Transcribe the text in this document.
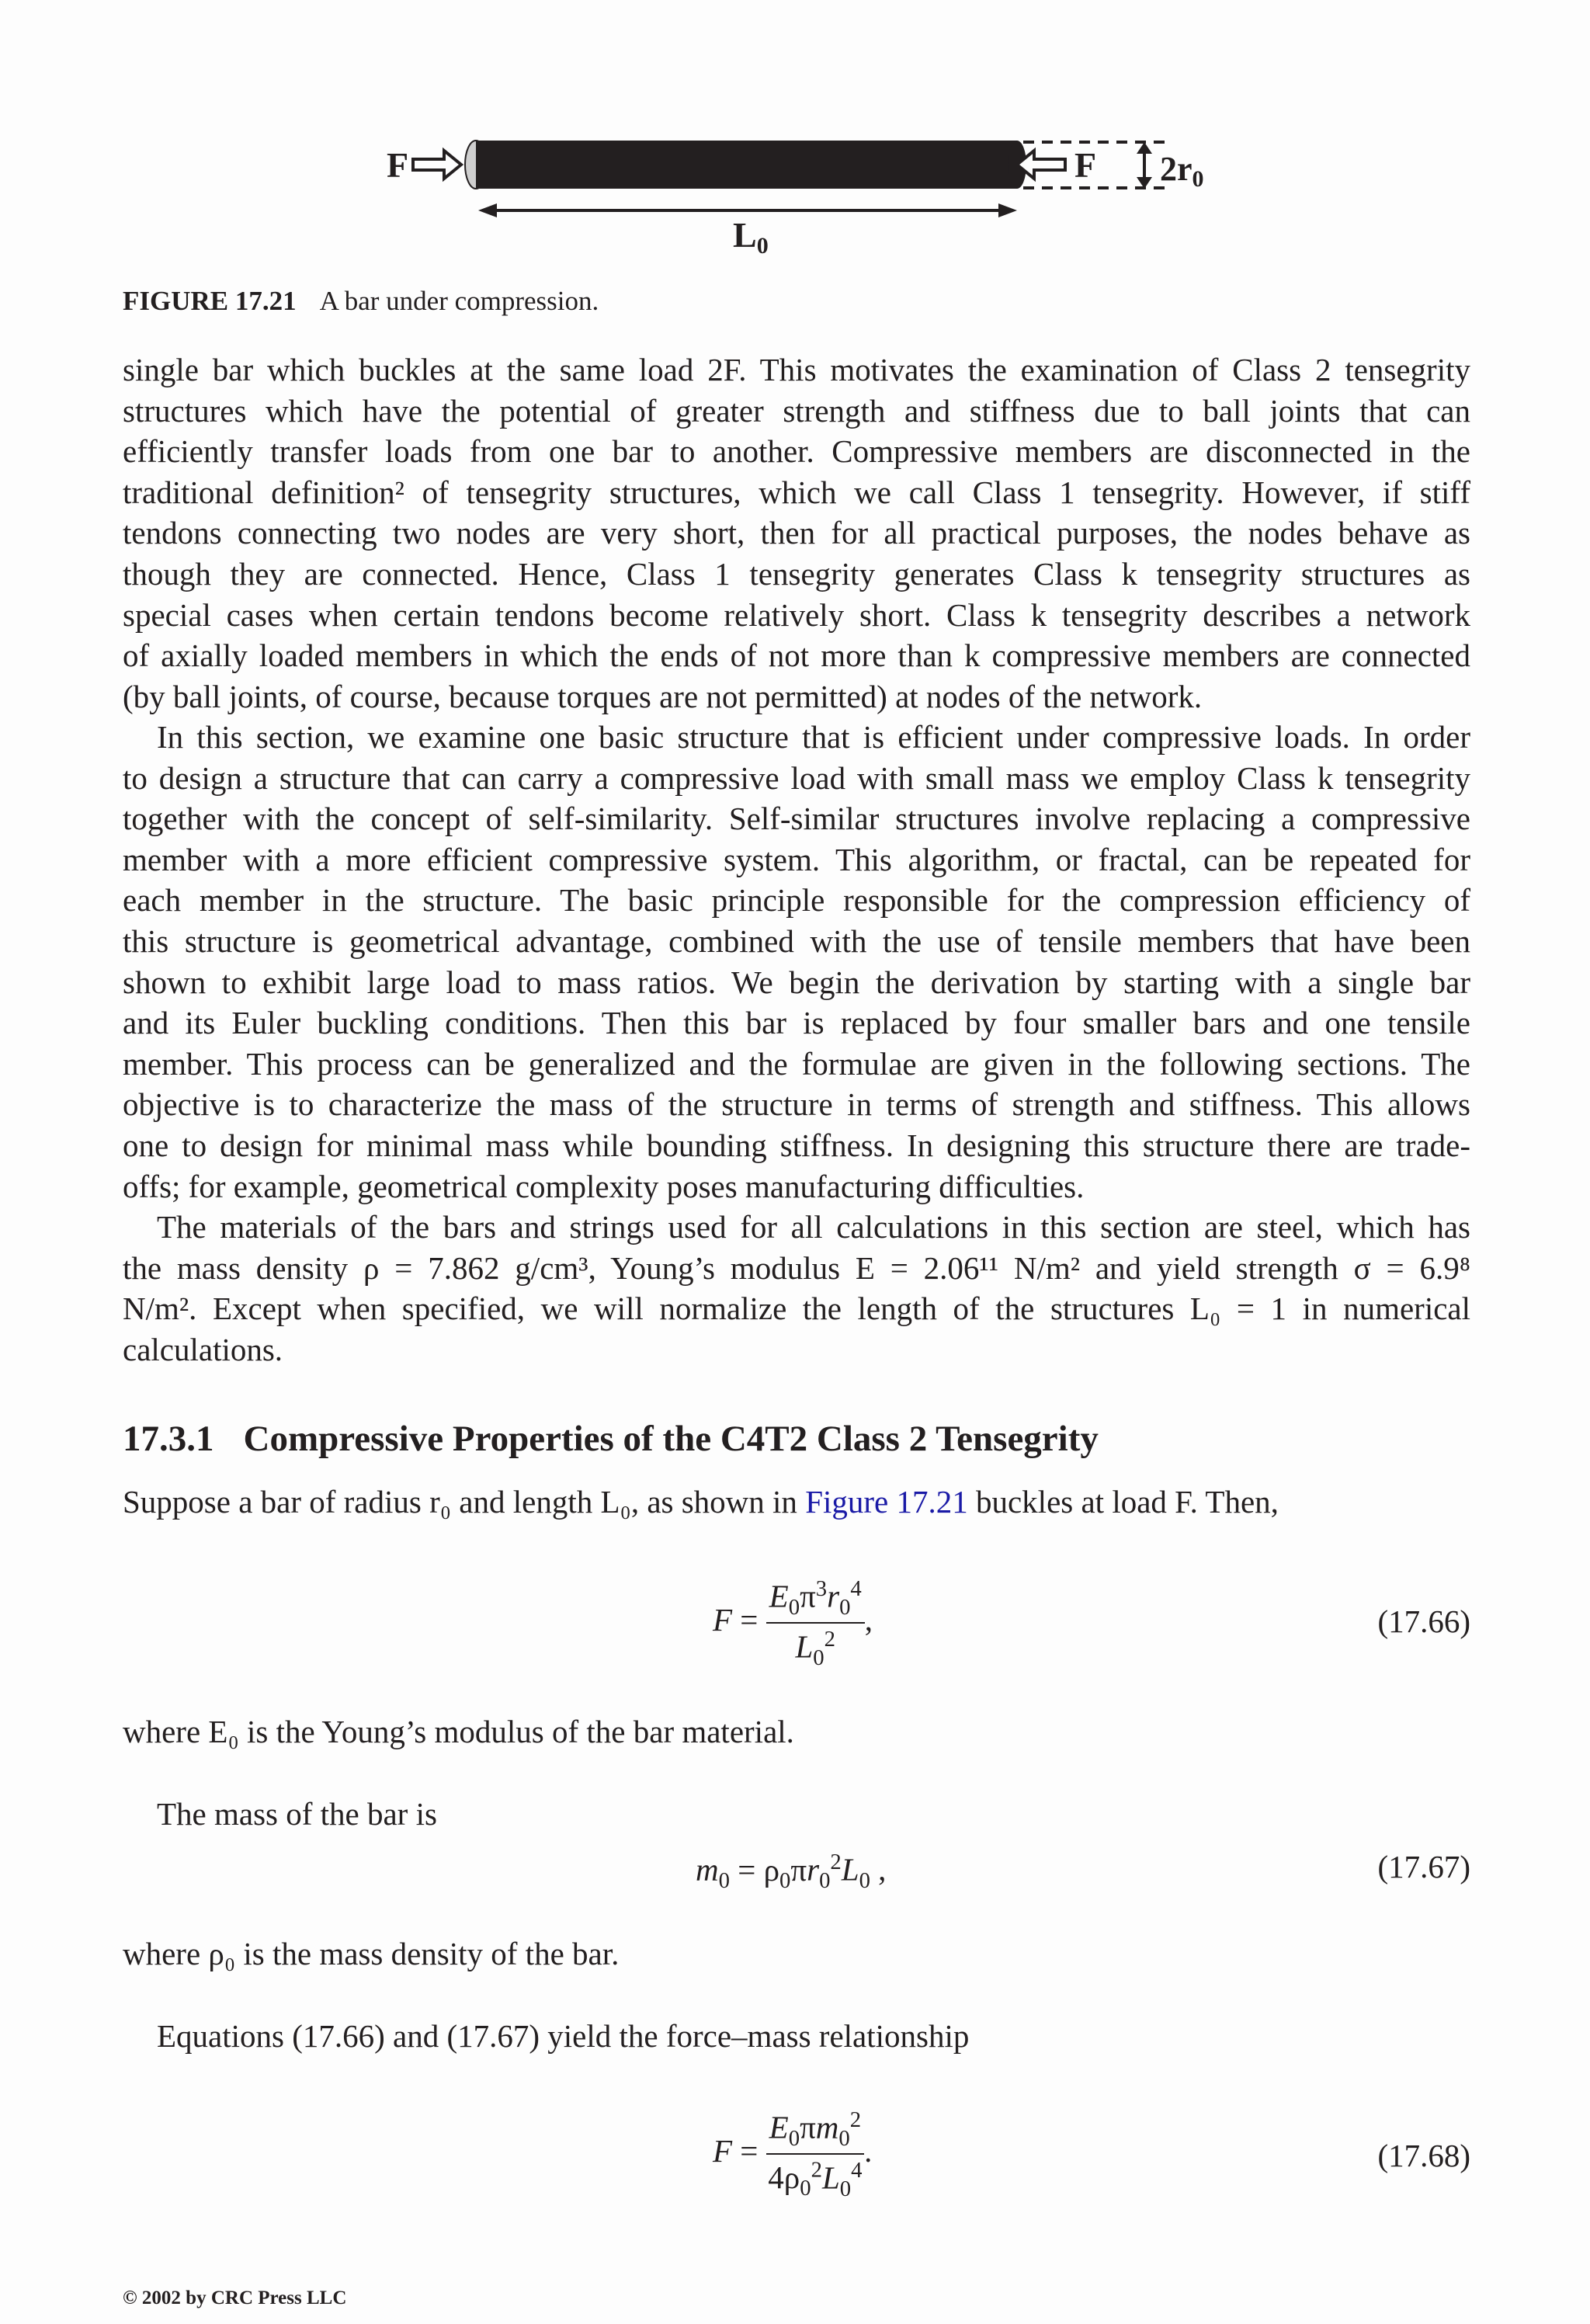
F	F 2r0
L0
FIGURE 17.21 A bar under compression.
single bar which buckles at the same load 2F. This motivates the examination of Class 2 tensegrity
structures which have the potential of greater strength and stiffness due to ball joints that can
efficiently transfer loads from one bar to another. Compressive members are disconnected in the
traditional definition² of tensegrity structures, which we call Class 1 tensegrity. However, if stiff
tendons connecting two nodes are very short, then for all practical purposes, the nodes behave as
though they are connected. Hence, Class 1 tensegrity generates Class k tensegrity structures as
special cases when certain tendons become relatively short. Class k tensegrity describes a network
of axially loaded members in which the ends of not more than k compressive members are connected
(by ball joints, of course, because torques are not permitted) at nodes of the network.
In this section, we examine one basic structure that is efficient under compressive loads. In order
to design a structure that can carry a compressive load with small mass we employ Class k tensegrity
together with the concept of self-similarity. Self-similar structures involve replacing a compressive
member with a more efficient compressive system. This algorithm, or fractal, can be repeated for
each member in the structure. The basic principle responsible for the compression efficiency of
this structure is geometrical advantage, combined with the use of tensile members that have been
shown to exhibit large load to mass ratios. We begin the derivation by starting with a single bar
and its Euler buckling conditions. Then this bar is replaced by four smaller bars and one tensile
member. This process can be generalized and the formulae are given in the following sections. The
objective is to characterize the mass of the structure in terms of strength and stiffness. This allows
one to design for minimal mass while bounding stiffness. In designing this structure there are trade-
offs; for example, geometrical complexity poses manufacturing difficulties.
The materials of the bars and strings used for all calculations in this section are steel, which has
the mass density ρ = 7.862 g/cm³, Young’s modulus E = 2.06¹¹ N/m² and yield strength σ = 6.9⁸
N/m². Except when specified, we will normalize the length of the structures L₀ = 1 in numerical
calculations.
17.3.1 Compressive Properties of the C4T2 Class 2 Tensegrity
Suppose a bar of radius r₀ and length L₀, as shown in Figure 17.21 buckles at load F. Then,
$F = \frac{E_0\pi^3r_0^4}{L_0^2}$ ,	(17.66)
where E₀ is the Young’s modulus of the bar material.
The mass of the bar is
$m_0 = \rho_0\pi r_0^2L_0$ ,	(17.67)
where ρ₀ is the mass density of the bar.
Equations (17.66) and (17.67) yield the force–mass relationship
$F = \frac{E_0\pi m_0^2}{4\rho_0^2L_0^4}$ .	(17.68)
© 2002 by CRC Press LLC
